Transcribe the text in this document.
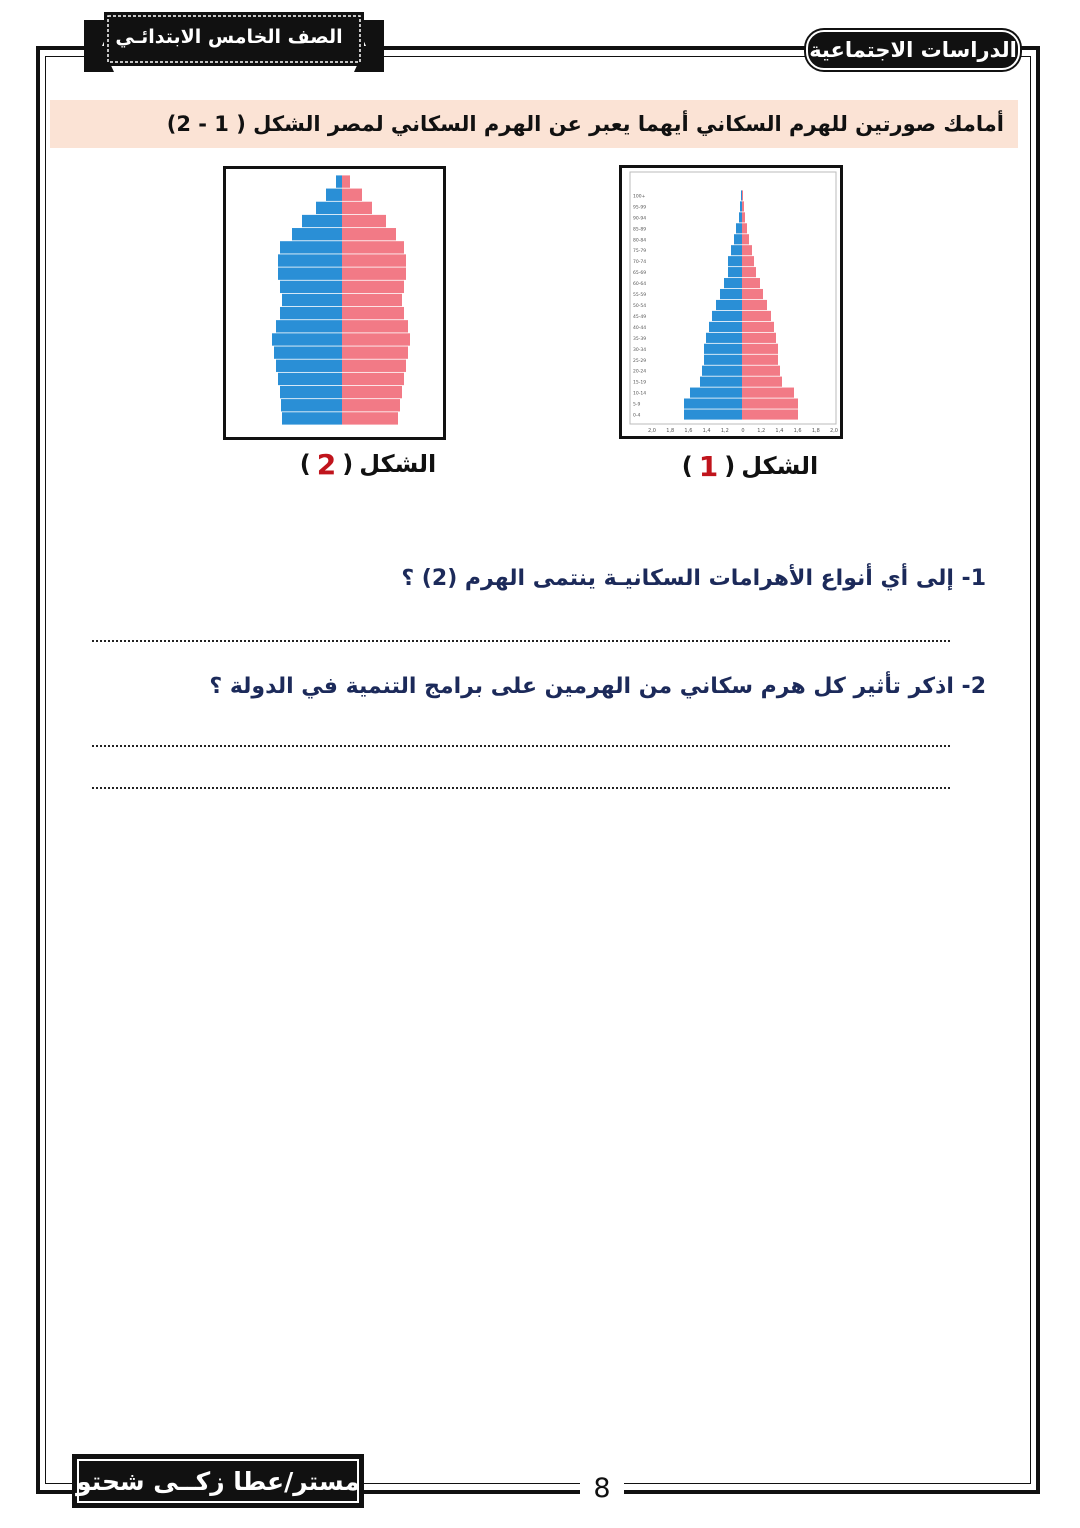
الصف الخامس الابتدائـي
الدراسات الاجتماعية
أمامك صورتين للهرم السكاني أيهما يعبر عن الهرم السكاني لمصر الشكل ( 1 - 2)
0-4
5-9
10-14
15-19
20-24
25-29
30-34
35-39
40-44
45-49
50-54
55-59
60-64
65-69
70-74
75-79
80-84
85-89
90-94
95-99
100+
2,0 1,8 1,6 1,4 1,2	0	1,2 1,4 1,6 1,8 2,0
الشكل
(
1
)
الشكل
(
2
)
1- إلى أي أنواع الأهرامات السكانيـة ينتمى الهرم (2) ؟
2- اذكر تأثير كل هرم سكاني من الهرمين على برامج التنمية في الدولة ؟
مستر/عطا زكــى شحتو	8
